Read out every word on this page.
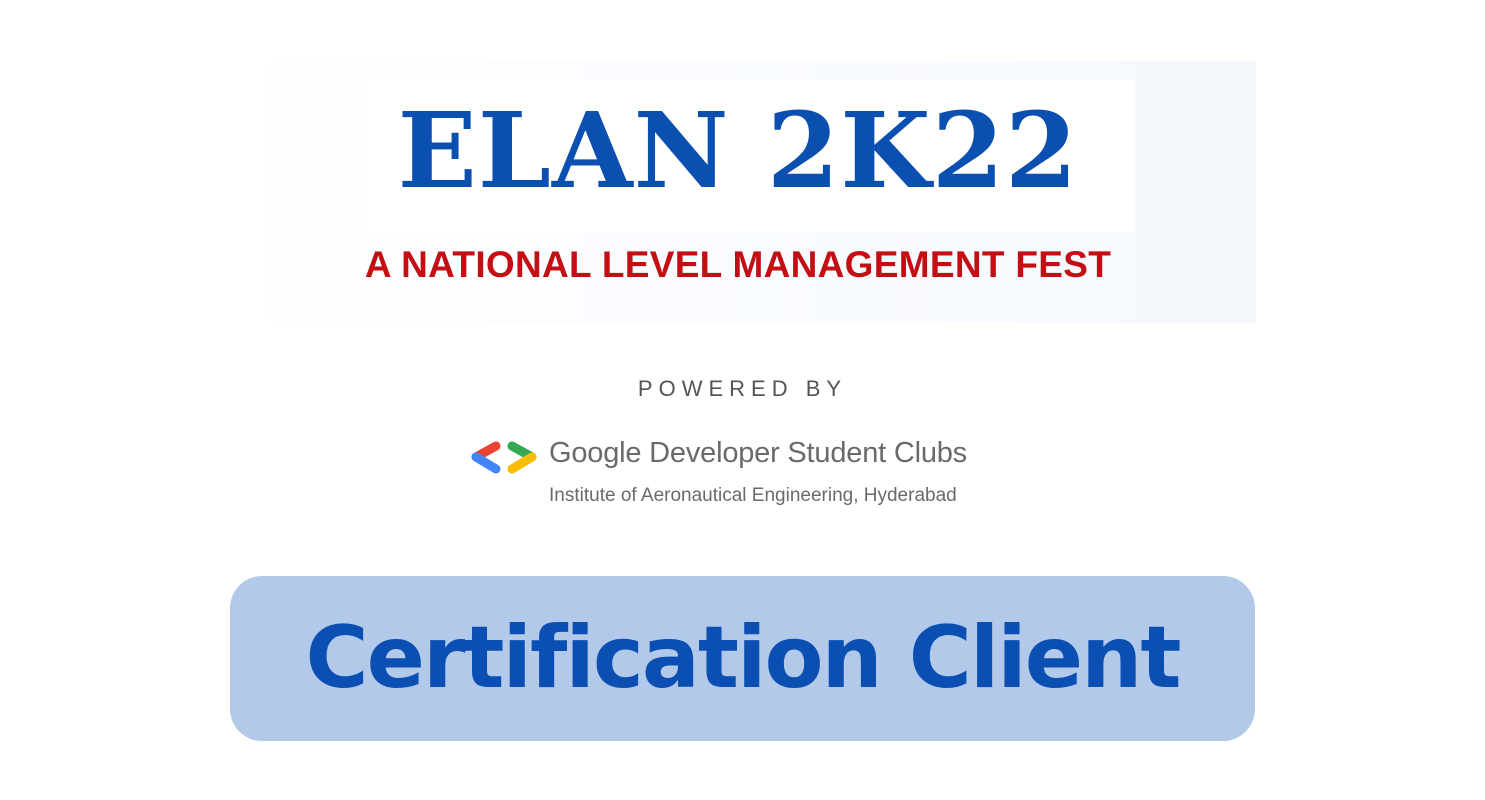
ELAN 2K22
A NATIONAL LEVEL MANAGEMENT FEST
POWERED BY
Google Developer Student Clubs
Institute of Aeronautical Engineering, Hyderabad
Certification Client
